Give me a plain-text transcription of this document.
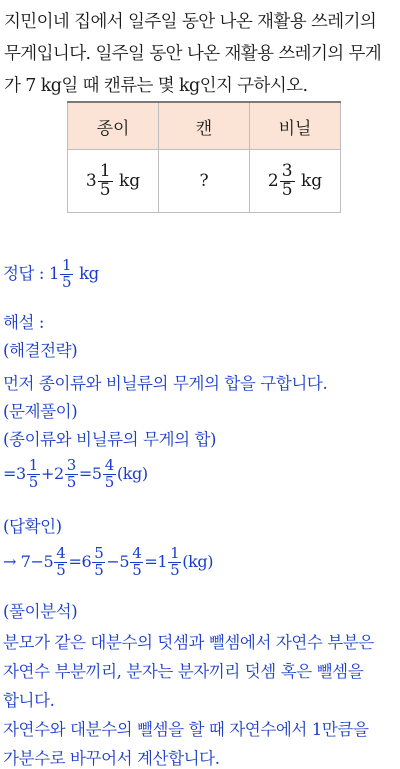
지민이네 집에서 일주일 동안 나온 재활용 쓰레기의
무게입니다. 일주일 동안 나온 재활용 쓰레기의 무게
가 7 kg일 때 캔류는 몇 kg인지 구하시오.
종이	캔	비닐
$3 \frac{1}{5}$ kg	?	$2 \frac{3}{5}$ kg
정답 : $1 \frac{1}{5}$ kg
해설 :
(해결전략)
먼저 종이류와 비닐류의 무게의 합을 구합니다.
(문제풀이)
(종이류와 비닐류의 무게의 합)
$=3 \frac{1}{5} +2 \frac{3}{5} =5 \frac{4}{5} (kg)$
(답확인)
→ $7-5 \frac{4}{5} =6 \frac{5}{5} -5 \frac{4}{5} =1 \frac{1}{5} (kg)$
(풀이분석)
분모가 같은 대분수의 덧셈과 뺄셈에서 자연수 부분은
자연수 부분끼리, 분자는 분자끼리 덧셈 혹은 뺄셈을
합니다.
자연수와 대분수의 뺄셈을 할 때 자연수에서 1만큼을
가분수로 바꾸어서 계산합니다.
